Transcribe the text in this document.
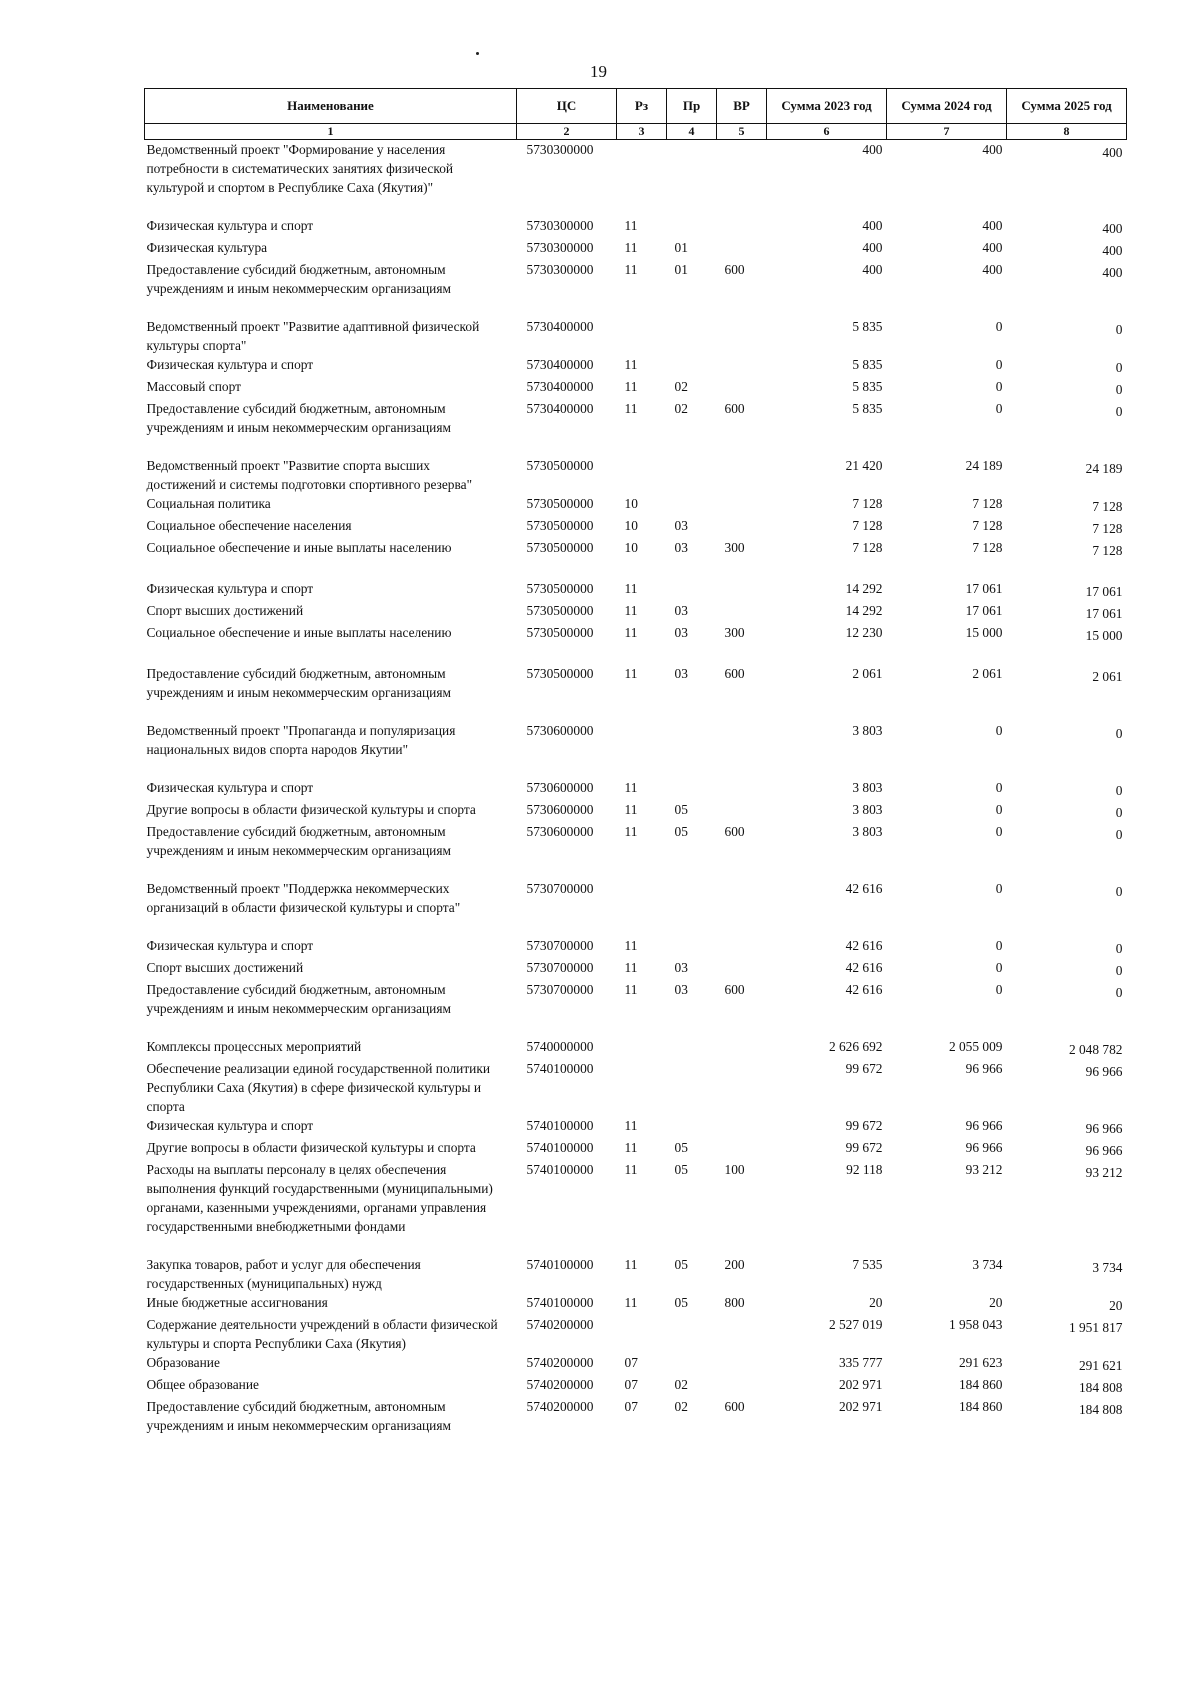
19
Наименование	ЦС	Рз	Пр	ВР	Сумма 2023 год	Сумма 2024 год	Сумма 2025 год
1	2	3	4	5	6	7	8
Ведомственный проект "Формирование у населения потребности в систематических занятиях физической культурой и спортом в Республике Саха (Якутия)"	5730300000				400	400	400

Физическая культура и спорт	5730300000	11			400	400	400
Физическая культура	5730300000	11	01		400	400	400
Предоставление субсидий бюджетным, автономным учреждениям и иным некоммерческим организациям	5730300000	11	01	600	400	400	400

Ведомственный проект "Развитие адаптивной физической культуры спорта"	5730400000				5 835	0	0
Физическая культура и спорт	5730400000	11			5 835	0	0
Массовый спорт	5730400000	11	02		5 835	0	0
Предоставление субсидий бюджетным, автономным учреждениям и иным некоммерческим организациям	5730400000	11	02	600	5 835	0	0

Ведомственный проект "Развитие спорта высших достижений и системы подготовки спортивного резерва"	5730500000				21 420	24 189	24 189
Социальная политика	5730500000	10			7 128	7 128	7 128
Социальное обеспечение населения	5730500000	10	03		7 128	7 128	7 128
Социальное обеспечение и иные выплаты населению	5730500000	10	03	300	7 128	7 128	7 128

Физическая культура и спорт	5730500000	11			14 292	17 061	17 061
Спорт высших достижений	5730500000	11	03		14 292	17 061	17 061
Социальное обеспечение и иные выплаты населению	5730500000	11	03	300	12 230	15 000	15 000

Предоставление субсидий бюджетным, автономным учреждениям и иным некоммерческим организациям	5730500000	11	03	600	2 061	2 061	2 061

Ведомственный проект "Пропаганда и популяризация национальных видов спорта народов Якутии"	5730600000				3 803	0	0

Физическая культура и спорт	5730600000	11			3 803	0	0
Другие вопросы в области физической культуры и спорта	5730600000	11	05		3 803	0	0
Предоставление субсидий бюджетным, автономным учреждениям и иным некоммерческим организациям	5730600000	11	05	600	3 803	0	0

Ведомственный проект "Поддержка некоммерческих организаций в области физической культуры и спорта"	5730700000				42 616	0	0

Физическая культура и спорт	5730700000	11			42 616	0	0
Спорт высших достижений	5730700000	11	03		42 616	0	0
Предоставление субсидий бюджетным, автономным учреждениям и иным некоммерческим организациям	5730700000	11	03	600	42 616	0	0

Комплексы процессных мероприятий	5740000000				2 626 692	2 055 009	2 048 782
Обеспечение реализации единой государственной политики Республики Саха (Якутия) в сфере физической культуры и спорта	5740100000				99 672	96 966	96 966
Физическая культура и спорт	5740100000	11			99 672	96 966	96 966
Другие вопросы в области физической культуры и спорта	5740100000	11	05		99 672	96 966	96 966
Расходы на выплаты персоналу в целях обеспечения выполнения функций государственными (муниципальными) органами, казенными учреждениями, органами управления государственными внебюджетными фондами	5740100000	11	05	100	92 118	93 212	93 212

Закупка товаров, работ и услуг для обеспечения государственных (муниципальных) нужд	5740100000	11	05	200	7 535	3 734	3 734
Иные бюджетные ассигнования	5740100000	11	05	800	20	20	20
Содержание деятельности учреждений в области физической культуры и спорта Республики Саха (Якутия)	5740200000				2 527 019	1 958 043	1 951 817
Образование	5740200000	07			335 777	291 623	291 621
Общее образование	5740200000	07	02		202 971	184 860	184 808
Предоставление субсидий бюджетным, автономным учреждениям и иным некоммерческим организациям	5740200000	07	02	600	202 971	184 860	184 808
